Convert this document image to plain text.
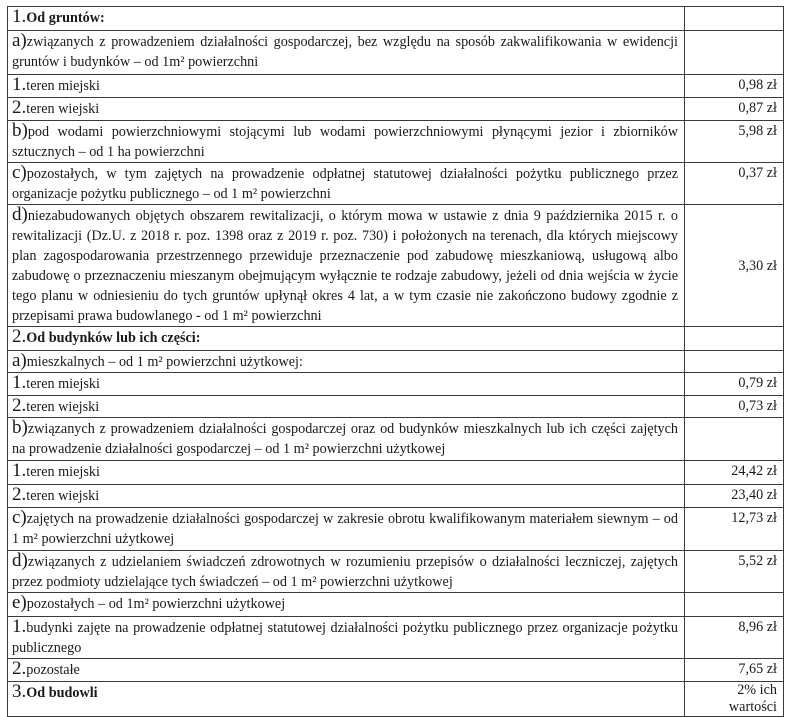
1.Od gruntów:	
a)związanych z prowadzeniem działalności gospodarczej, bez względu na sposób zakwalifikowania w ewidencji gruntów i budynków – od 1m² powierzchni	
1.teren miejski	0,98 zł
2.teren wiejski	0,87 zł
b)pod wodami powierzchniowymi stojącymi lub wodami powierzchniowymi płynącymi jezior i zbiorników sztucznych – od 1 ha powierzchni	5,98 zł
c)pozostałych, w tym zajętych na prowadzenie odpłatnej statutowej działalności pożytku publicznego przez organizacje pożytku publicznego – od 1 m² powierzchni	0,37 zł
d)niezabudowanych objętych obszarem rewitalizacji, o którym mowa w ustawie z dnia 9 października 2015 r. o rewitalizacji (Dz.U. z 2018 r. poz. 1398 oraz z 2019 r. poz. 730) i położonych na terenach, dla których miejscowy plan zagospodarowania przestrzennego przewiduje przeznaczenie pod zabudowę mieszkaniową, usługową albo zabudowę o przeznaczeniu mieszanym obejmującym wyłącznie te rodzaje zabudowy, jeżeli od dnia wejścia w życie tego planu w odniesieniu do tych gruntów upłynął okres 4 lat, a w tym czasie nie zakończono budowy zgodnie z przepisami prawa budowlanego - od 1 m² powierzchni	3,30 zł
2.Od budynków lub ich części:	
a)mieszkalnych – od 1 m² powierzchni użytkowej:	
1.teren miejski	0,79 zł
2.teren wiejski	0,73 zł
b)związanych z prowadzeniem działalności gospodarczej oraz od budynków mieszkalnych lub ich części zajętych na prowadzenie działalności gospodarczej – od 1 m² powierzchni użytkowej	
1.teren miejski	24,42 zł
2.teren wiejski	23,40 zł
c)zajętych na prowadzenie działalności gospodarczej w zakresie obrotu kwalifikowanym materiałem siewnym – od 1 m² powierzchni użytkowej	12,73 zł
d)związanych z udzielaniem świadczeń zdrowotnych w rozumieniu przepisów o działalności leczniczej, zajętych przez podmioty udzielające tych świadczeń – od 1 m² powierzchni użytkowej	5,52 zł
e)pozostałych – od 1m² powierzchni użytkowej	
1.budynki zajęte na prowadzenie odpłatnej statutowej działalności pożytku publicznego przez organizacje pożytku publicznego	8,96 zł
2.pozostałe	7,65 zł
3.Od budowli	2% ich wartości
